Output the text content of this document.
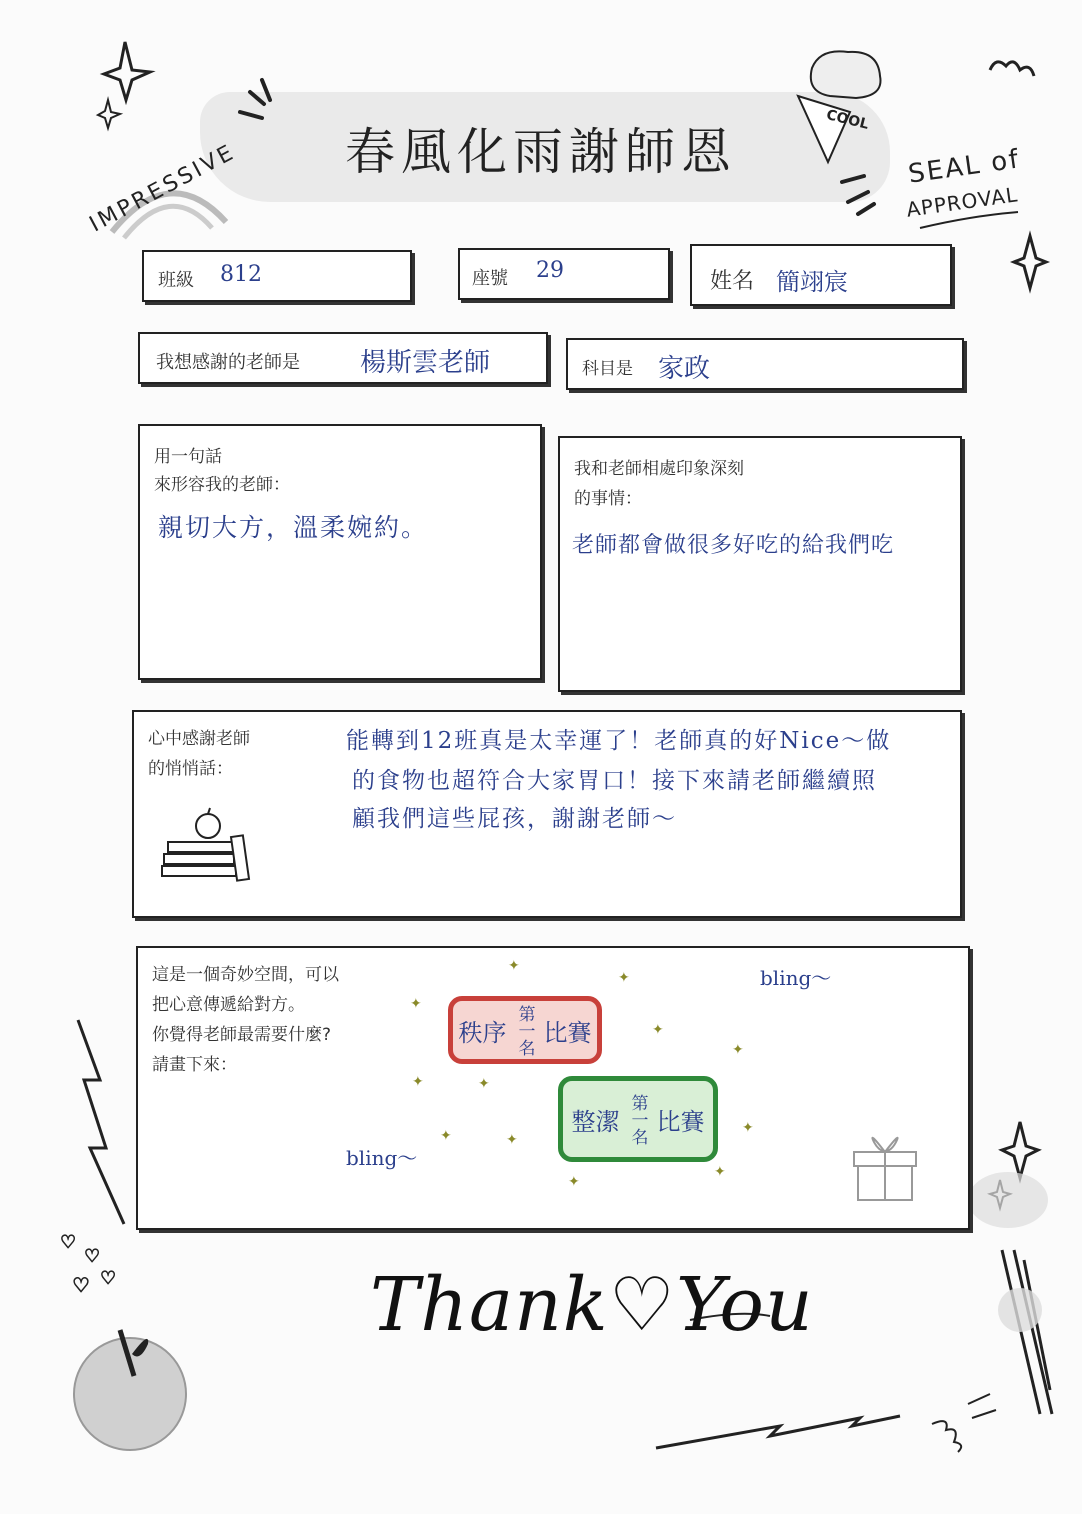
春風化雨謝師恩
♡
♡
♡ ♡
IMPRESSIVE
COOL
SEAL of
APPROVAL
班級 812	座號 29	姓名 簡翊宸
我想感謝的老師是 楊斯雲老師	科目是 家政
用一句話
來形容我的老師：
親切大方，溫柔婉約。
我和老師相處印象深刻
的事情：
老師都會做很多好吃的給我們吃
心中感謝老師
的悄悄話：
能轉到12班真是太幸運了！老師真的好Nice～做
的食物也超符合大家胃口！接下來請老師繼續照
顧我們這些屁孩，謝謝老師～
這是一個奇妙空間，可以
把心意傳遞給對方。
你覺得老師最需要什麼?
請畫下來：
bling～
bling～
秩序 第一名 比賽
整潔 第一名 比賽
✦
✦
✦
✦
✦
✦	✦
✦	✦
✦
✦
✦
Thank♡You
